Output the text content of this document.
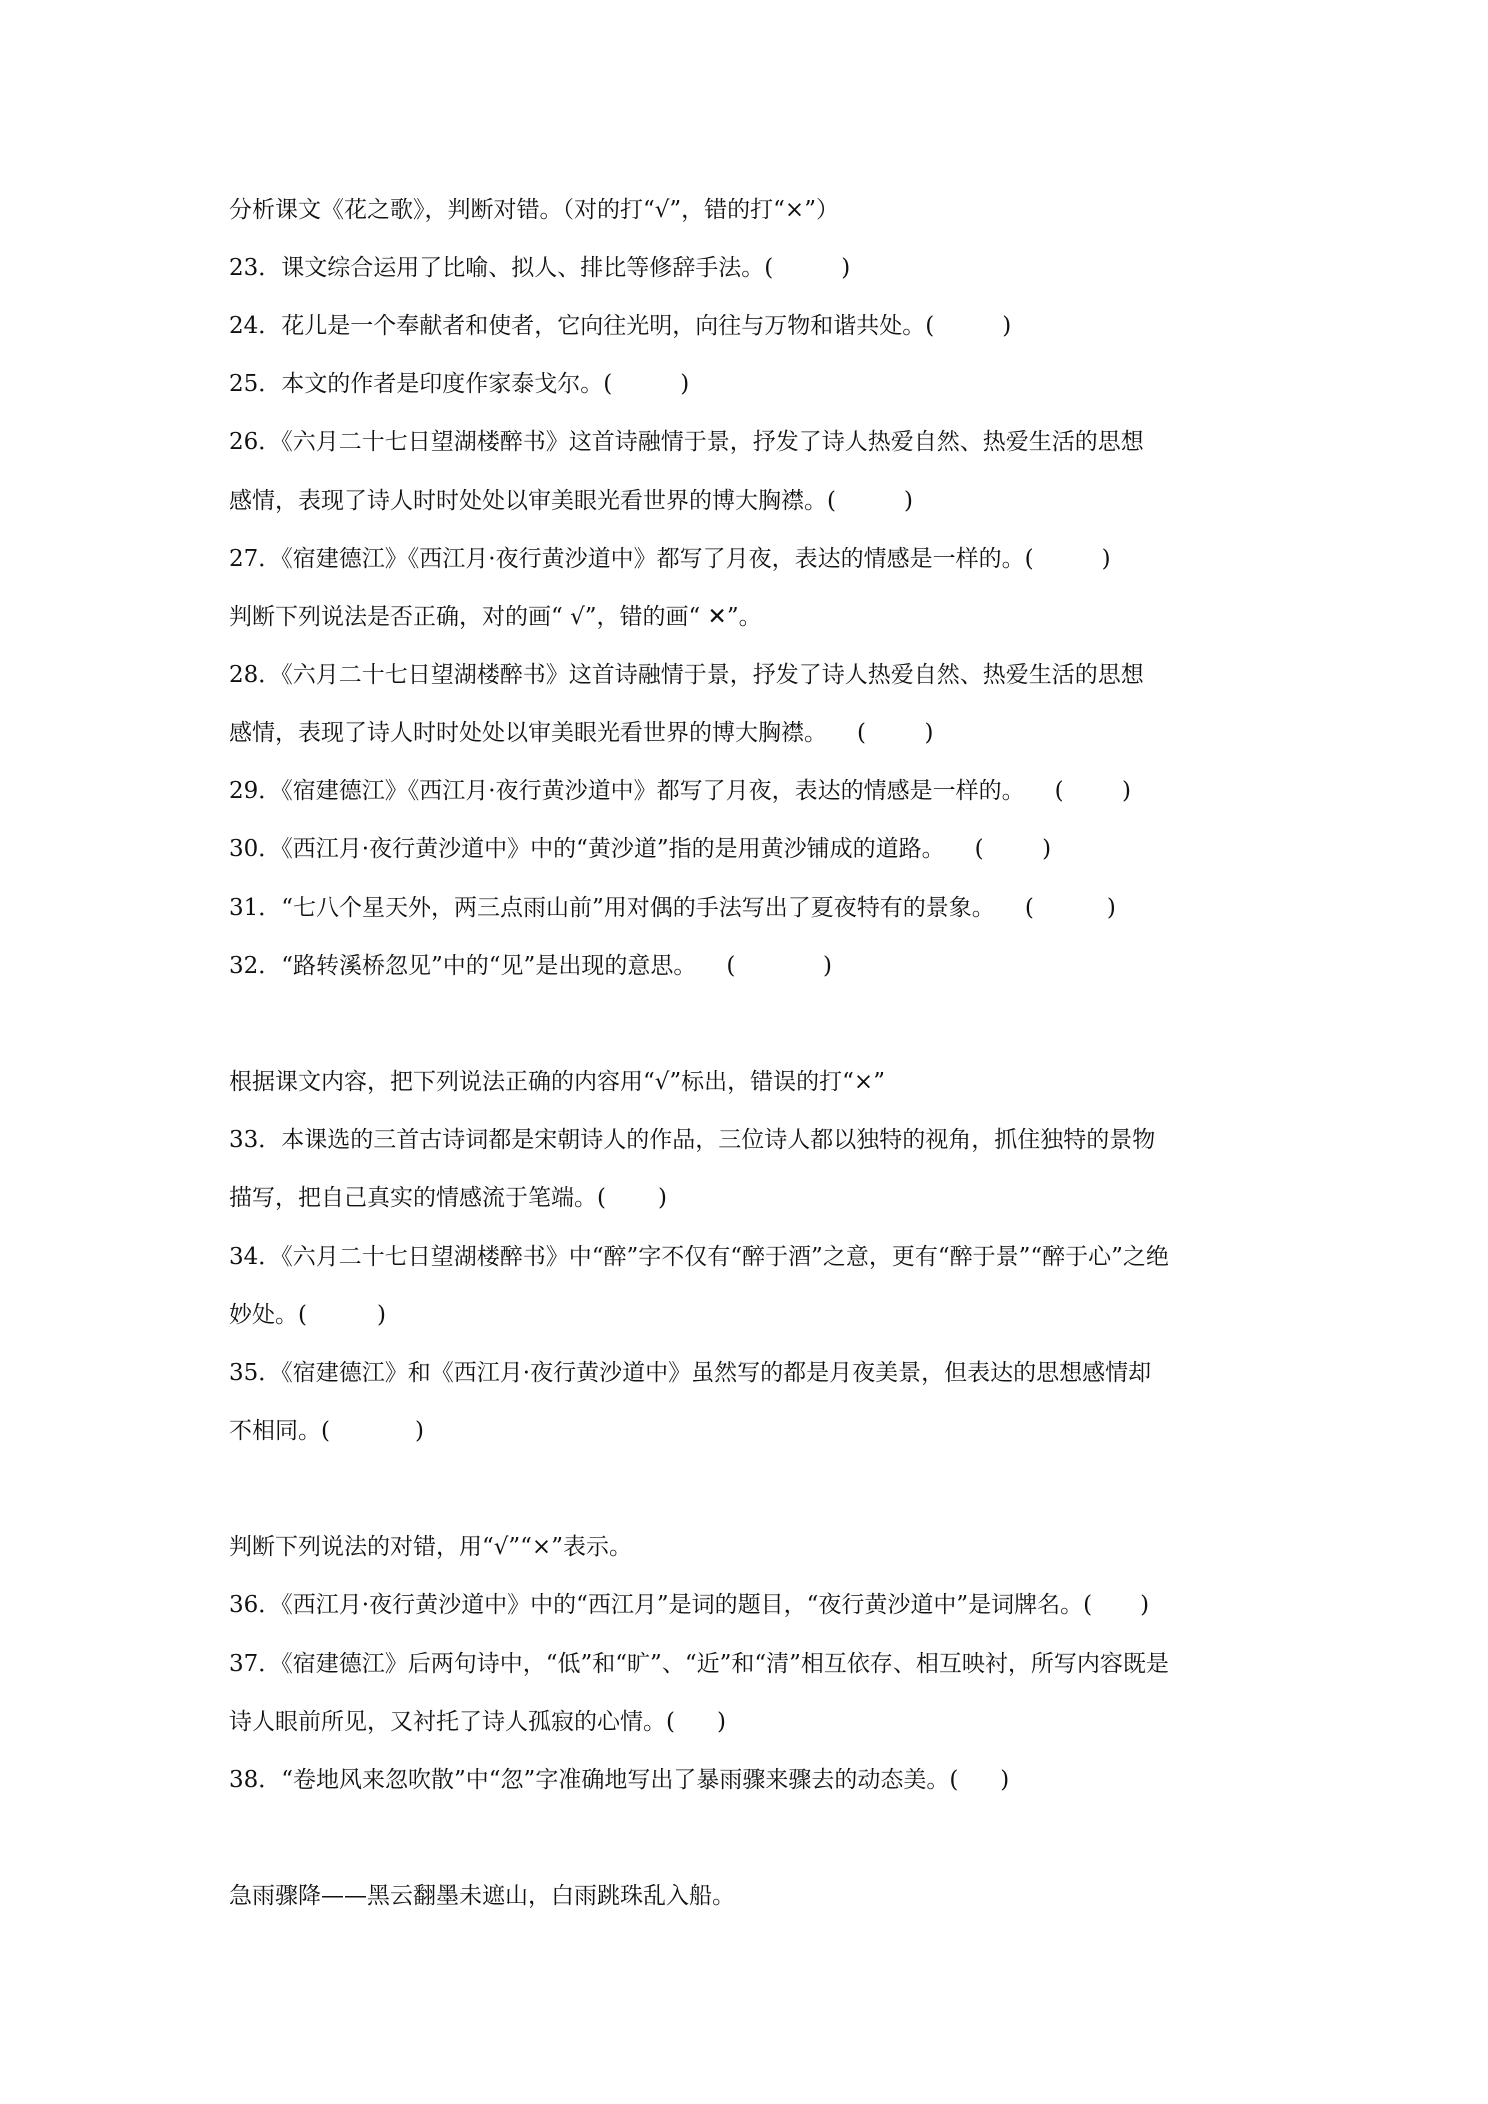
分析课文《花之歌》，判断对错。（对的打“√”，错的打“×”）
23．课文综合运用了比喻、拟人、排比等修辞手法。(	)
24．花儿是一个奉献者和使者，它向往光明，向往与万物和谐共处。(	)
25．本文的作者是印度作家泰戈尔。(	)
26．《六月二十七日望湖楼醉书》这首诗融情于景，抒发了诗人热爱自然、热爱生活的思想
感情，表现了诗人时时处处以审美眼光看世界的博大胸襟。(	)
27．《宿建德江》《西江月·夜行黄沙道中》都写了月夜，表达的情感是一样的。(	)
判断下列说法是否正确，对的画“ √”，错的画“ ✕”。
28．《六月二十七日望湖楼醉书》这首诗融情于景，抒发了诗人热爱自然、热爱生活的思想
感情，表现了诗人时时处处以审美眼光看世界的博大胸襟。 (        )
29．《宿建德江》《西江月·夜行黄沙道中》都写了月夜，表达的情感是一样的。 (        )
30．《西江月·夜行黄沙道中》中的“黄沙道”指的是用黄沙铺成的道路。 (        )
31．“七八个星天外，两三点雨山前”用对偶的手法写出了夏夜特有的景象。 (          )
32．“路转溪桥忽见”中的“见”是出现的意思。 (            )
根据课文内容，把下列说法正确的内容用“√”标出，错误的打“×”
33．本课选的三首古诗词都是宋朝诗人的作品，三位诗人都以独特的视角，抓住独特的景物
描写，把自己真实的情感流于笔端。( )
34．《六月二十七日望湖楼醉书》中“醉”字不仅有“醉于酒”之意，更有“醉于景”“醉于心”之绝
妙处。(	)
35．《宿建德江》和《西江月·夜行黄沙道中》虽然写的都是月夜美景，但表达的思想感情却
不相同。(	)
判断下列说法的对错，用“√”“×”表示。
36．《西江月·夜行黄沙道中》中的“西江月”是词的题目，“夜行黄沙道中”是词牌名。( )
37．《宿建德江》后两句诗中，“低”和“旷”、“近”和“清”相互依存、相互映衬，所写内容既是
诗人眼前所见，又衬托了诗人孤寂的心情。( )
38．“卷地风来忽吹散”中“忽”字准确地写出了暴雨骤来骤去的动态美。( )
急雨骤降——黑云翻墨未遮山，白雨跳珠乱入船。
